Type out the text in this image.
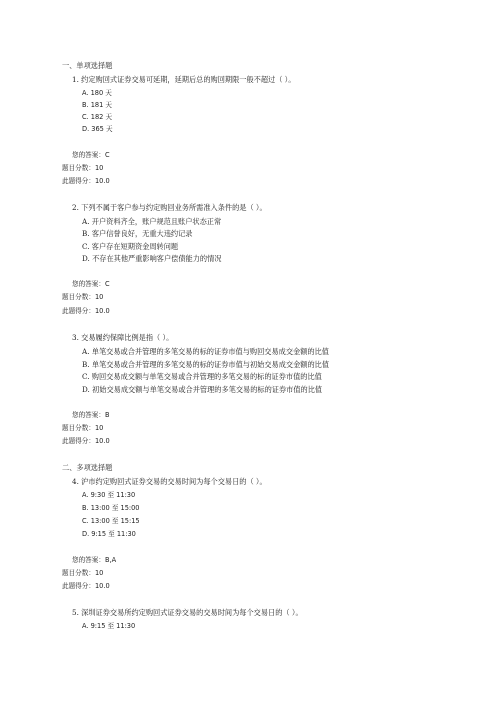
一、单项选择题
1. 约定购回式证券交易可延期，延期后总的购回期限一般不超过（ ）。
A. 180 天
B. 181 天
C. 182 天
D. 365 天
您的答案：C
题目分数：10
此题得分：10.0
2. 下列不属于客户参与约定购回业务所需准入条件的是（ ）。
A. 开户资料齐全，账户规范且账户状态正常
B. 客户信誉良好，无重大违约记录
C. 客户存在短期资金周转问题
D. 不存在其他严重影响客户偿债能力的情况
您的答案：C
题目分数：10
此题得分：10.0
3. 交易履约保障比例是指（ ）。
A. 单笔交易或合并管理的多笔交易的标的证券市值与购回交易成交金额的比值
B. 单笔交易或合并管理的多笔交易的标的证券市值与初始交易成交金额的比值
C. 购回交易成交额与单笔交易或合并管理的多笔交易的标的证券市值的比值
D. 初始交易成交额与单笔交易或合并管理的多笔交易的标的证券市值的比值
您的答案：B
题目分数：10
此题得分：10.0
二、多项选择题
4. 沪市约定购回式证券交易的交易时间为每个交易日的（ ）。
A. 9:30 至 11:30
B. 13:00 至 15:00
C. 13:00 至 15:15
D. 9:15 至 11:30
您的答案：B,A
题目分数：10
此题得分：10.0
5. 深圳证券交易所约定购回式证券交易的交易时间为每个交易日的（ ）。
A. 9:15 至 11:30
